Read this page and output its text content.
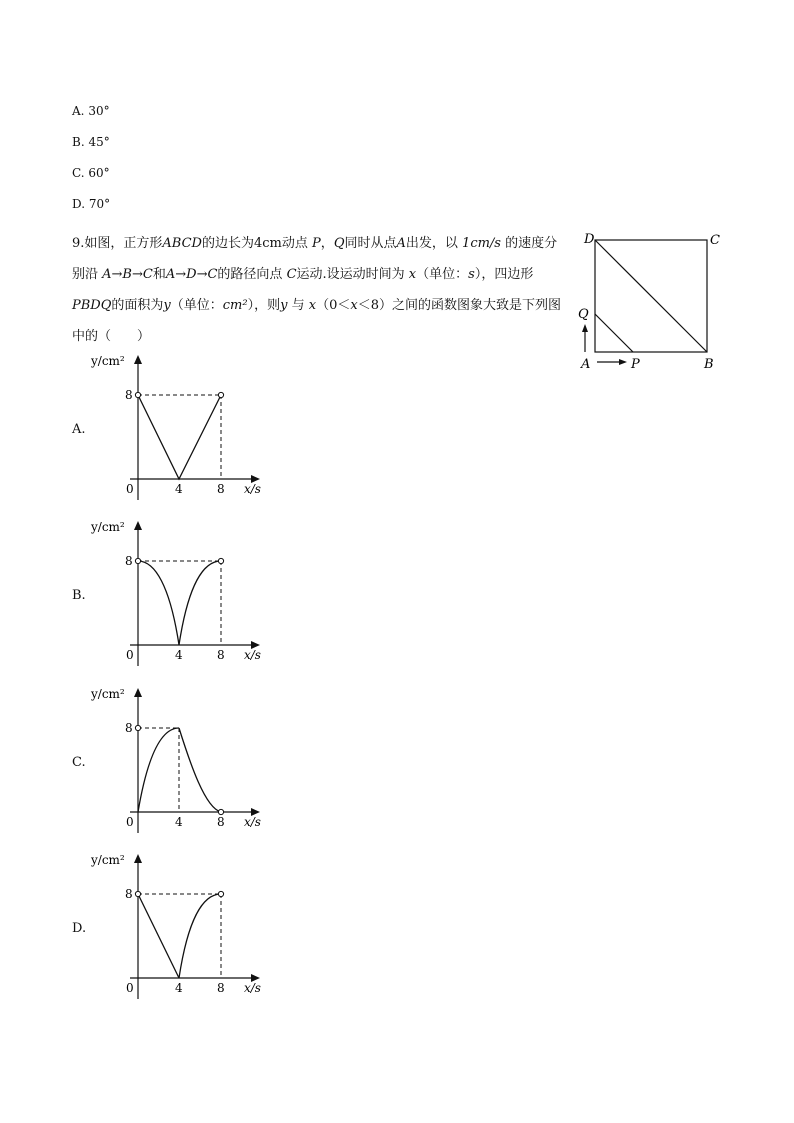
A. 30°
B. 45°
C. 60°
D. 70°
9.如图，正方形ABCD的边长为4cm动点 P，Q同时从点A出发，以 1cm/s 的速度分别沿 A→B→C和A→D→C的路径向点 C运动.设运动时间为 x（单位：s），四边形PBDQ的面积为y（单位：cm²），则y 与 x（0＜x＜8）之间的函数图象大致是下列图中的（　　）
D	C
Q
A	P	B
A.
B.
C.
D.
y/cm²
8
0	4	8 x/s
y/cm²
8
0	4	8 x/s
y/cm²
8
0	4	8 x/s
y/cm²
8
0	4	8 x/s
